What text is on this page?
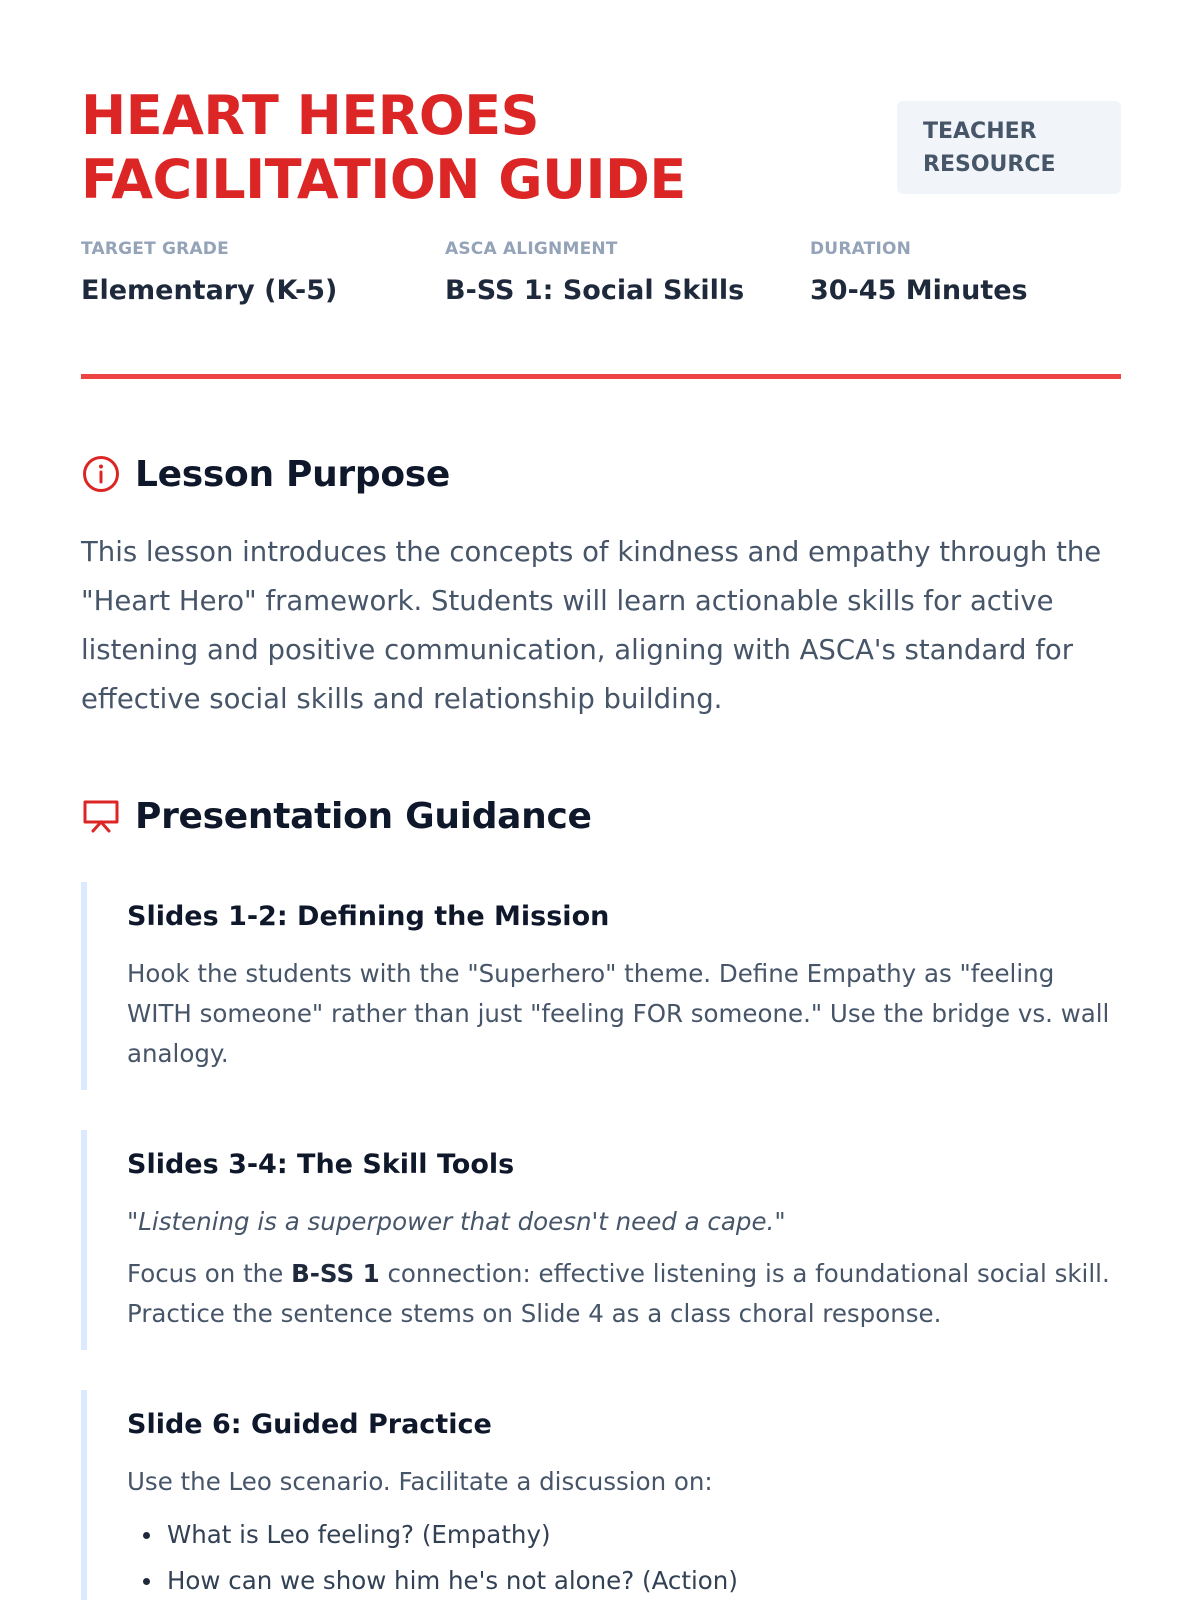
HEART HEROES
FACILITATION GUIDE
TEACHER
RESOURCE
TARGET GRADE
Elementary (K-5)
ASCA ALIGNMENT
B-SS 1: Social Skills
DURATION
30-45 Minutes
Lesson Purpose

This lesson introduces the concepts of kindness and empathy through the "Heart Hero" framework. Students will learn actionable skills for active listening and positive communication, aligning with ASCA's standard for effective social skills and relationship building.

Presentation Guidance
Slides 1-2: Defining the Mission

Hook the students with the "Superhero" theme. Define Empathy as "feeling WITH someone" rather than just "feeling FOR someone." Use the bridge vs. wall analogy.

Slides 3-4: The Skill Tools

"Listening is a superpower that doesn't need a cape."

Focus on the B-SS 1 connection: effective listening is a foundational social skill. Practice the sentence stems on Slide 4 as a class choral response.

Slide 6: Guided Practice

Use the Leo scenario. Facilitate a discussion on:

What is Leo feeling? (Empathy)
How can we show him he's not alone? (Action)
